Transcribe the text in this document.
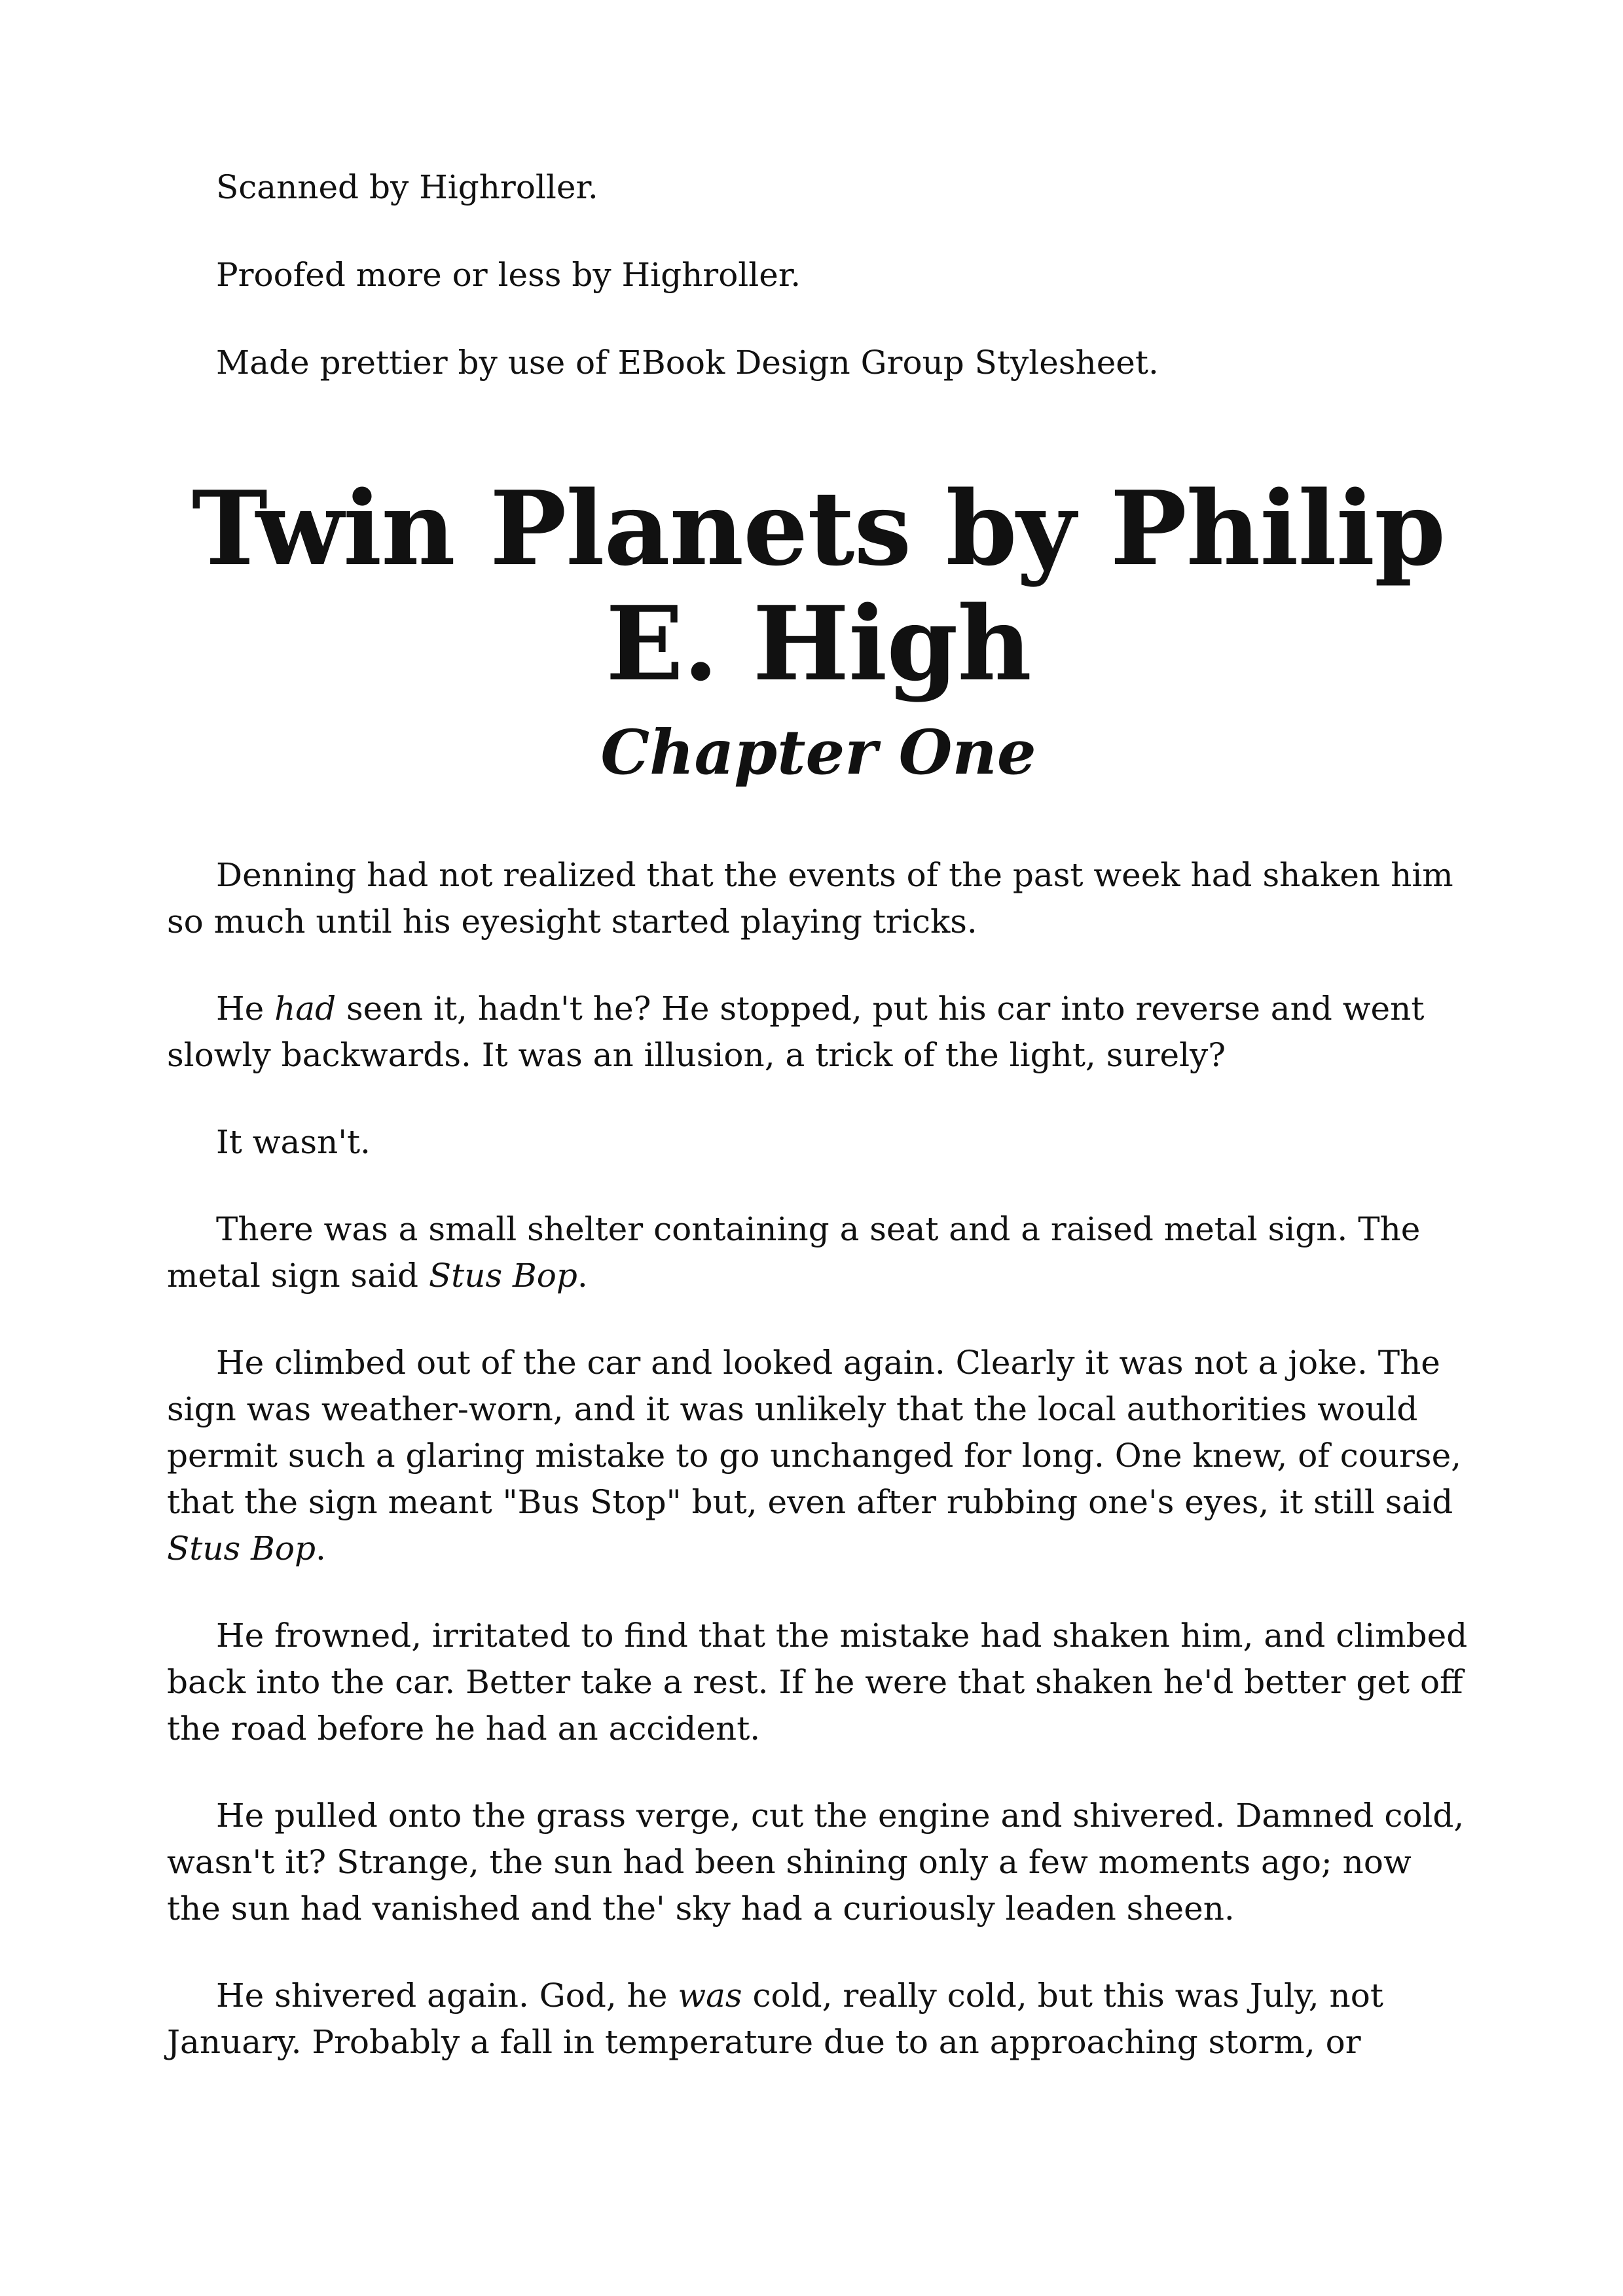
Scanned by Highroller.

Proofed more or less by Highroller.

Made prettier by use of EBook Design Group Stylesheet.

Twin Planets by Philip E. High
Chapter One

Denning had not realized that the events of the past week had shaken him so much until his eyesight started playing tricks.

He had seen it, hadn't he? He stopped, put his car into reverse and went slowly backwards. It was an illusion, a trick of the light, surely?

It wasn't.

There was a small shelter containing a seat and a raised metal sign. The metal sign said Stus Bop.

He climbed out of the car and looked again. Clearly it was not a joke. The sign was weather-worn, and it was unlikely that the local authorities would permit such a glaring mistake to go unchanged for long. One knew, of course, that the sign meant "Bus Stop" but, even after rubbing one's eyes, it still said Stus Bop.

He frowned, irritated to find that the mistake had shaken him, and climbed back into the car. Better take a rest. If he were that shaken he'd better get off the road before he had an accident.

He pulled onto the grass verge, cut the engine and shivered. Damned cold, wasn't it? Strange, the sun had been shining only a few moments ago; now the sun had vanished and the' sky had a curiously leaden sheen.

He shivered again. God, he was cold, really cold, but this was July, not January. Probably a fall in temperature due to an approaching storm, or
